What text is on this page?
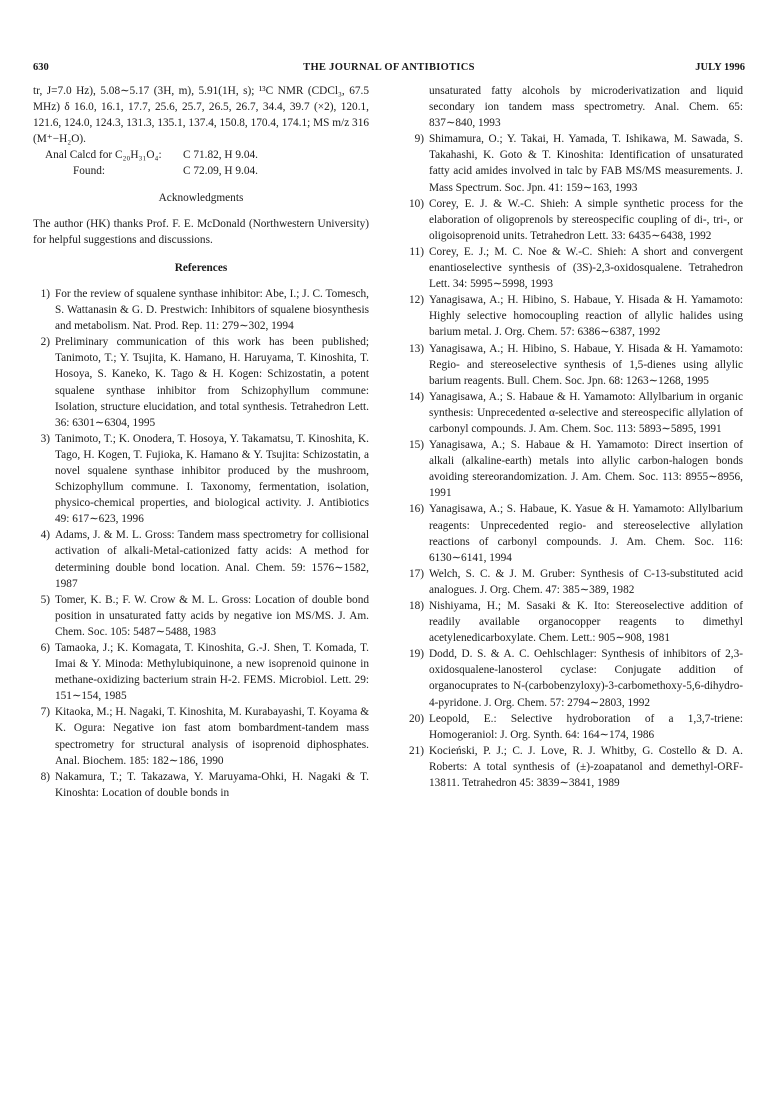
630	THE JOURNAL OF ANTIBIOTICS	JULY 1996

tr, J=7.0 Hz), 5.08∼5.17 (3H, m), 5.91(1H, s); ¹³C NMR (CDCl₃, 67.5 MHz) δ 16.0, 16.1, 17.7, 25.6, 25.7, 26.5, 26.7, 34.4, 39.7 (×2), 120.1, 121.6, 124.0, 124.3, 131.3, 135.1, 137.4, 150.8, 170.4, 174.1; MS m/z 316 (M⁺−H₂O).

Anal Calcd for C₂₀H₃₁O₄:	C 71.82, H 9.04.
Found:	C 72.09, H 9.04.
Acknowledgments

The author (HK) thanks Prof. F. E. McDonald (Northwestern University) for helpful suggestions and discussions.

References
1) For the review of squalene synthase inhibitor: Abe, I.; J. C. Tomesch, S. Wattanasin & G. D. Prestwich: Inhibitors of squalene biosynthesis and metabolism. Nat. Prod. Rep. 11: 279∼302, 1994
2) Preliminary communication of this work has been published; Tanimoto, T.; Y. Tsujita, K. Hamano, H. Haruyama, T. Kinoshita, T. Hosoya, S. Kaneko, K. Tago & H. Kogen: Schizostatin, a potent squalene synthase inhibitor from Schizophyllum commune: Isolation, structure elucidation, and total synthesis. Tetrahedron Lett. 36: 6301∼6304, 1995
3) Tanimoto, T.; K. Onodera, T. Hosoya, Y. Takamatsu, T. Kinoshita, K. Tago, H. Kogen, T. Fujioka, K. Hamano & Y. Tsujita: Schizostatin, a novel squalene synthase inhibitor produced by the mushroom, Schizophyllum commune. I. Taxonomy, fermentation, isolation, physico-chemical properties, and biological activity. J. Antibiotics 49: 617∼623, 1996
4) Adams, J. & M. L. Gross: Tandem mass spectrometry for collisional activation of alkali-Metal-cationized fatty acids: A method for determining double bond location. Anal. Chem. 59: 1576∼1582, 1987
5) Tomer, K. B.; F. W. Crow & M. L. Gross: Location of double bond position in unsaturated fatty acids by negative ion MS/MS. J. Am. Chem. Soc. 105: 5487∼5488, 1983
6) Tamaoka, J.; K. Komagata, T. Kinoshita, G.-J. Shen, T. Komada, T. Imai & Y. Minoda: Methylubiquinone, a new isoprenoid quinone in methane-oxidizing bacterium strain H-2. FEMS. Microbiol. Lett. 29: 151∼154, 1985
7) Kitaoka, M.; H. Nagaki, T. Kinoshita, M. Kurabayashi, T. Koyama & K. Ogura: Negative ion fast atom bombardment-tandem mass spectrometry for structural analysis of isoprenoid diphosphates. Anal. Biochem. 185: 182∼186, 1990
8) Nakamura, T.; T. Takazawa, Y. Maruyama-Ohki, H. Nagaki & T. Kinoshta: Location of double bonds in

unsaturated fatty alcohols by microderivatization and liquid secondary ion tandem mass spectrometry. Anal. Chem. 65: 837∼840, 1993

9) Shimamura, O.; Y. Takai, H. Yamada, T. Ishikawa, M. Sawada, S. Takahashi, K. Goto & T. Kinoshita: Identification of unsaturated fatty acid amides involved in talc by FAB MS/MS measurements. J. Mass Spectrum. Soc. Jpn. 41: 159∼163, 1993
10) Corey, E. J. & W.-C. Shieh: A simple synthetic process for the elaboration of oligoprenols by stereospecific coupling of di-, tri-, or oligoisoprenoid units. Tetrahedron Lett. 33: 6435∼6438, 1992
11) Corey, E. J.; M. C. Noe & W.-C. Shieh: A short and convergent enantioselective synthesis of (3S)-2,3-oxidosqualene. Tetrahedron Lett. 34: 5995∼5998, 1993
12) Yanagisawa, A.; H. Hibino, S. Habaue, Y. Hisada & H. Yamamoto: Highly selective homocoupling reaction of allylic halides using barium metal. J. Org. Chem. 57: 6386∼6387, 1992
13) Yanagisawa, A.; H. Hibino, S. Habaue, Y. Hisada & H. Yamamoto: Regio- and stereoselective synthesis of 1,5-dienes using allylic barium reagents. Bull. Chem. Soc. Jpn. 68: 1263∼1268, 1995
14) Yanagisawa, A.; S. Habaue & H. Yamamoto: Allylbarium in organic synthesis: Unprecedented α-selective and stereospecific allylation of carbonyl compounds. J. Am. Chem. Soc. 113: 5893∼5895, 1991
15) Yanagisawa, A.; S. Habaue & H. Yamamoto: Direct insertion of alkali (alkaline-earth) metals into allylic carbon-halogen bonds avoiding stereorandomization. J. Am. Chem. Soc. 113: 8955∼8956, 1991
16) Yanagisawa, A.; S. Habaue, K. Yasue & H. Yamamoto: Allylbarium reagents: Unprecedented regio- and stereoselective allylation reactions of carbonyl compounds. J. Am. Chem. Soc. 116: 6130∼6141, 1994
17) Welch, S. C. & J. M. Gruber: Synthesis of C-13-substituted acid analogues. J. Org. Chem. 47: 385∼389, 1982
18) Nishiyama, H.; M. Sasaki & K. Ito: Stereoselective addition of readily available organocopper reagents to dimethyl acetylenedicarboxylate. Chem. Lett.: 905∼908, 1981
19) Dodd, D. S. & A. C. Oehlschlager: Synthesis of inhibitors of 2,3-oxidosqualene-lanosterol cyclase: Conjugate addition of organocuprates to N-(carbobenzyloxy)-3-carbomethoxy-5,6-dihydro-4-pyridone. J. Org. Chem. 57: 2794∼2803, 1992
20) Leopold, E.: Selective hydroboration of a 1,3,7-triene: Homogeraniol: J. Org. Synth. 64: 164∼174, 1986
21) Kocieński, P. J.; C. J. Love, R. J. Whitby, G. Costello & D. A. Roberts: A total synthesis of (±)-zoapatanol and demethyl-ORF-13811. Tetrahedron 45: 3839∼3841, 1989
